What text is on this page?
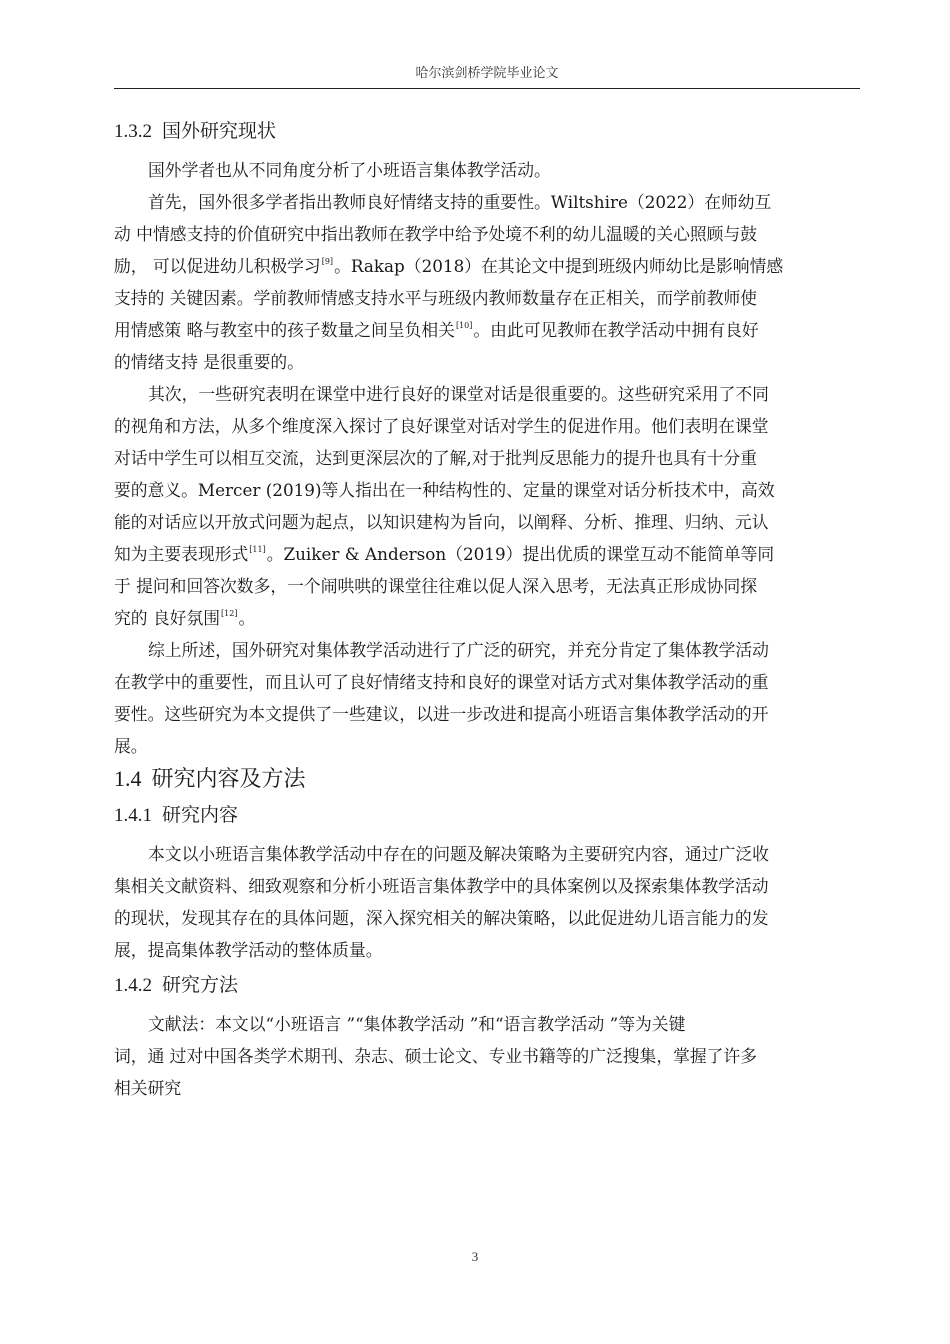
哈尔滨剑桥学院毕业论文
1.3.2 国外研究现状

国外学者也从不同角度分析了小班语言集体教学活动。

首先，国外很多学者指出教师良好情绪支持的重要性。Wiltshire（2022）在师幼互
动 中情感支持的价值研究中指出教师在教学中给予处境不利的幼儿温暖的关心照顾与鼓
励， 可以促进幼儿积极学习[9]。Rakap（2018）在其论文中提到班级内师幼比是影响情感
支持的 关键因素。学前教师情感支持水平与班级内教师数量存在正相关，而学前教师使
用情感策 略与教室中的孩子数量之间呈负相关[10]。由此可见教师在教学活动中拥有良好
的情绪支持 是很重要的。

其次，一些研究表明在课堂中进行良好的课堂对话是很重要的。这些研究采用了不同
的视角和方法，从多个维度深入探讨了良好课堂对话对学生的促进作用。他们表明在课堂
对话中学生可以相互交流，达到更深层次的了解,对于批判反思能力的提升也具有十分重
要的意义。Mercer (2019)等人指出在一种结构性的、定量的课堂对话分析技术中，高效
能的对话应以开放式问题为起点，以知识建构为旨向，以阐释、分析、推理、归纳、元认
知为主要表现形式[11]。Zuiker & Anderson（2019）提出优质的课堂互动不能简单等同
于 提问和回答次数多，一个闹哄哄的课堂往往难以促人深入思考，无法真正形成协同探
究的 良好氛围[12]。

综上所述，国外研究对集体教学活动进行了广泛的研究，并充分肯定了集体教学活动
在教学中的重要性，而且认可了良好情绪支持和良好的课堂对话方式对集体教学活动的重
要性。这些研究为本文提供了一些建议，以进一步改进和提高小班语言集体教学活动的开
展。

1.4 研究内容及方法
1.4.1 研究内容

本文以小班语言集体教学活动中存在的问题及解决策略为主要研究内容，通过广泛收
集相关文献资料、细致观察和分析小班语言集体教学中的具体案例以及探索集体教学活动
的现状，发现其存在的具体问题，深入探究相关的解决策略，以此促进幼儿语言能力的发
展，提高集体教学活动的整体质量。

1.4.2 研究方法

文献法：本文以“小班语言 ”“集体教学活动 ”和“语言教学活动 ”等为关键
词，通 过对中国各类学术期刊、杂志、硕士论文、专业书籍等的广泛搜集，掌握了许多
相关研究

3
